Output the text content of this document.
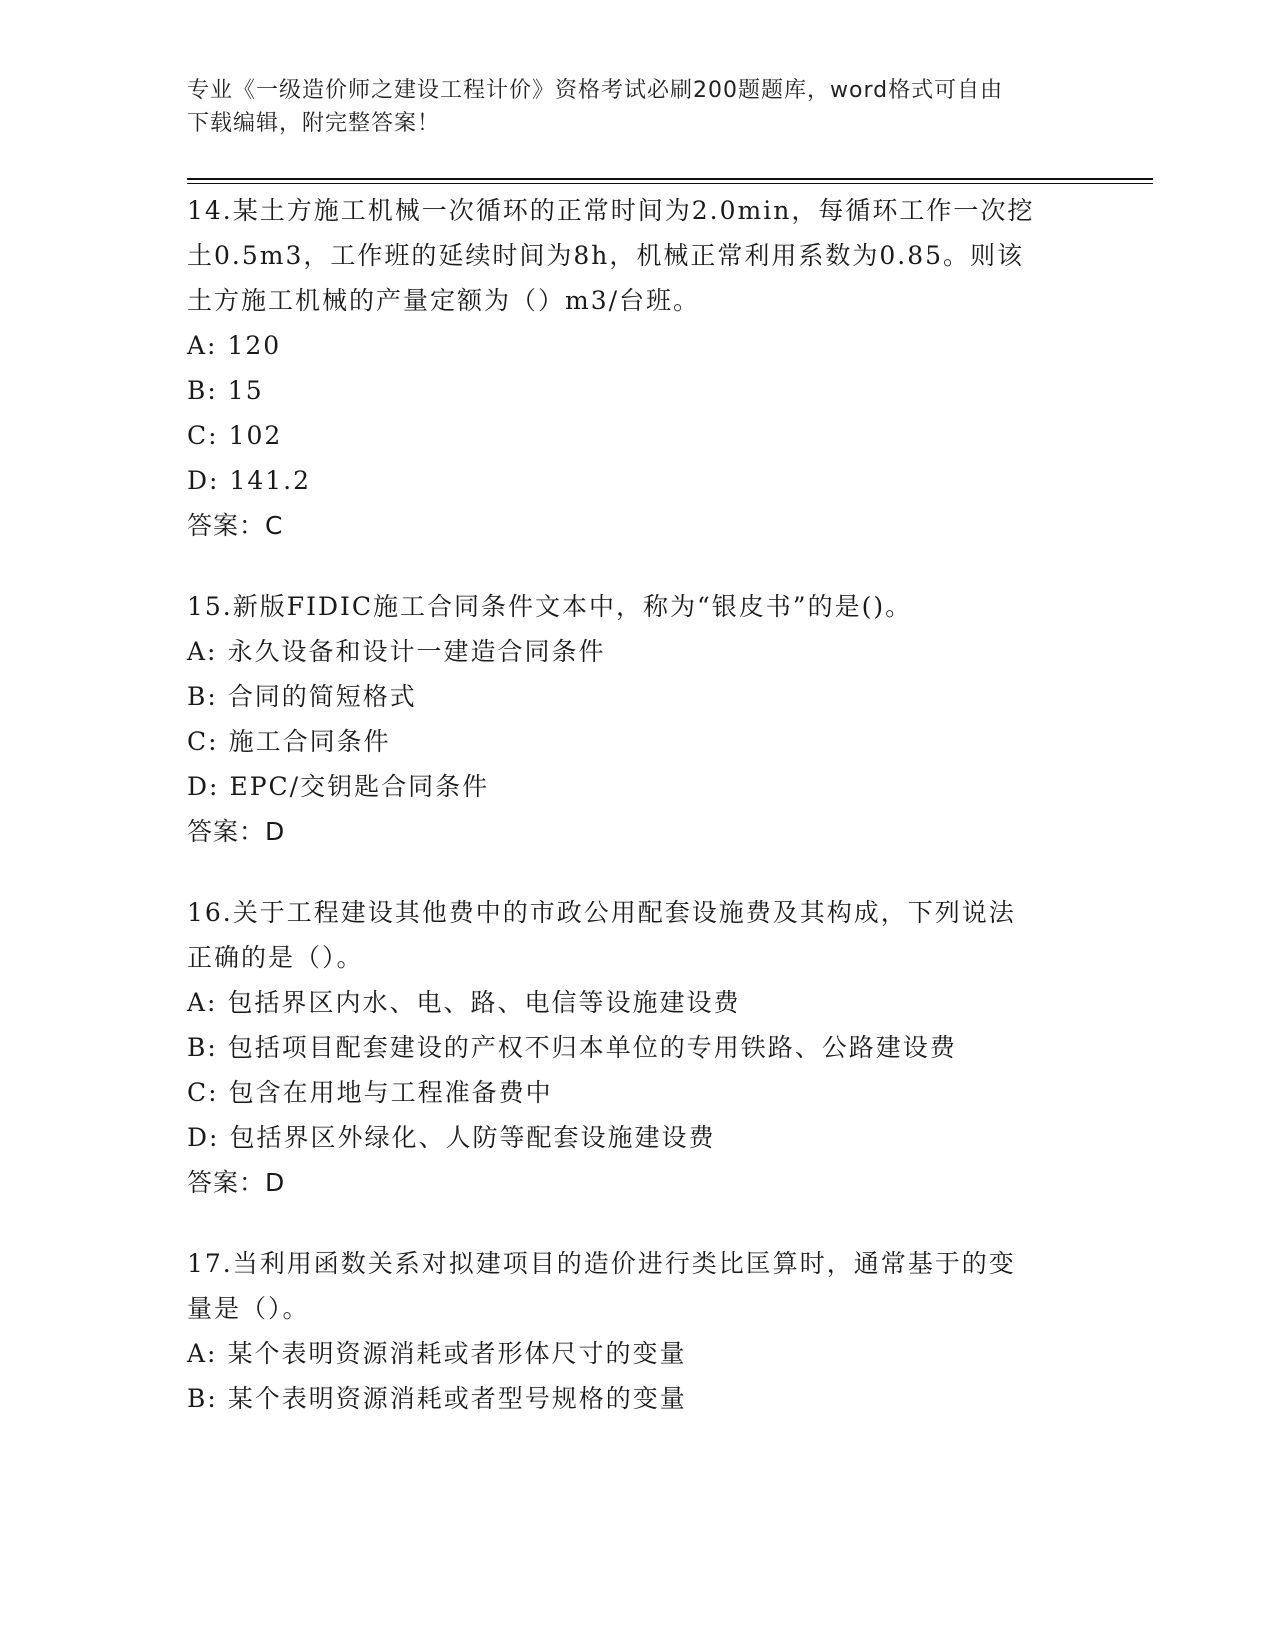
专业《一级造价师之建设工程计价》资格考试必刷200题题库，word格式可自由
下载编辑，附完整答案！
14.某土方施工机械一次循环的正常时间为2.0min，每循环工作一次挖
土0.5m3，工作班的延续时间为8h，机械正常利用系数为0.85。则该
土方施工机械的产量定额为（）m3/台班。
A: 120
B: 15
C: 102
D: 141.2
答案：C
15.新版FIDIC施工合同条件文本中，称为“银皮书”的是()。
A: 永久设备和设计一建造合同条件
B: 合同的简短格式
C: 施工合同条件
D: EPC/交钥匙合同条件
答案：D
16.关于工程建设其他费中的市政公用配套设施费及其构成，下列说法
正确的是（）。
A: 包括界区内水、电、路、电信等设施建设费
B: 包括项目配套建设的产权不归本单位的专用铁路、公路建设费
C: 包含在用地与工程准备费中
D: 包括界区外绿化、人防等配套设施建设费
答案：D
17.当利用函数关系对拟建项目的造价进行类比匡算时，通常基于的变
量是（）。
A: 某个表明资源消耗或者形体尺寸的变量
B: 某个表明资源消耗或者型号规格的变量
